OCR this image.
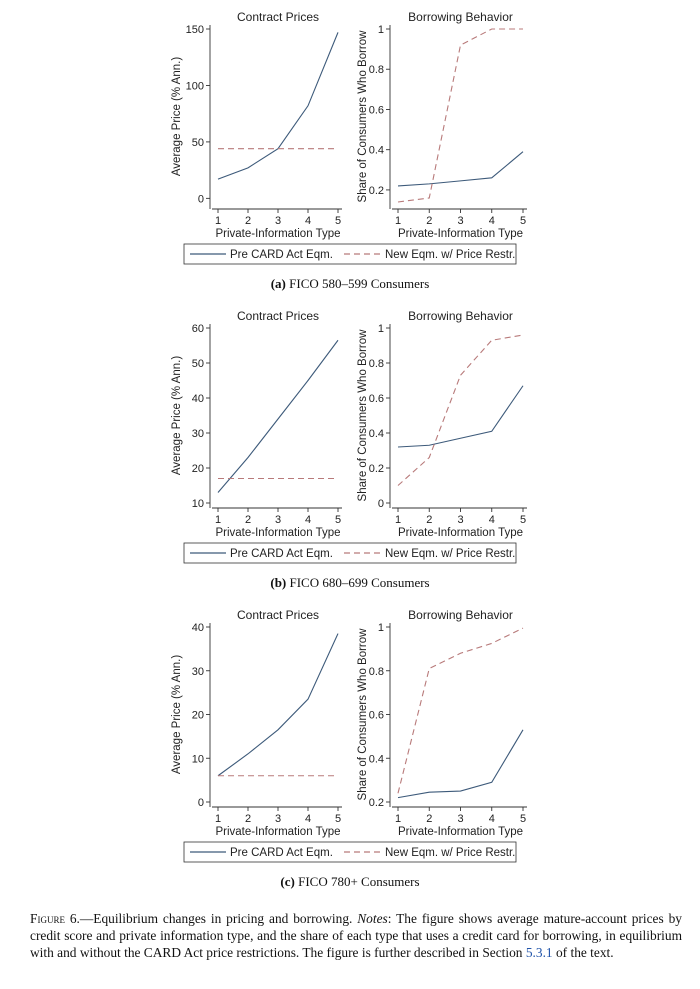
Contract Prices
0
50
100
150
Average Price (% Ann.)
1 2 3 4 5
Private-Information Type
Borrowing Behavior
0.2
0.4
0.6
0.8
1
Share of Consumers Who Borrow
1 2 3 4 5
Private-Information Type
Pre CARD Act Eqm.	New Eqm. w/ Price Restr.
(a) FICO 580–599 Consumers
Contract Prices
10
20
30
40
50
60
Average Price (% Ann.)
1 2 3 4 5
Private-Information Type
Borrowing Behavior
0
0.2
0.4
0.6
0.8
1
Share of Consumers Who Borrow
1 2 3 4 5
Private-Information Type
Pre CARD Act Eqm.	New Eqm. w/ Price Restr.
(b) FICO 680–699 Consumers
Contract Prices
0
10
20
30
40
Average Price (% Ann.)
1 2 3 4 5
Private-Information Type
Borrowing Behavior
0.2
0.4
0.6
0.8
1
Share of Consumers Who Borrow
1 2 3 4 5
Private-Information Type
Pre CARD Act Eqm.	New Eqm. w/ Price Restr.
(c) FICO 780+ Consumers
Figure 6.—Equilibrium changes in pricing and borrowing. Notes: The figure shows average mature-account prices by credit score and private information type, and the share of each type that uses a credit card for borrowing, in equilibrium with and without the CARD Act price restrictions. The figure is further described in Section 5.3.1 of the text.
